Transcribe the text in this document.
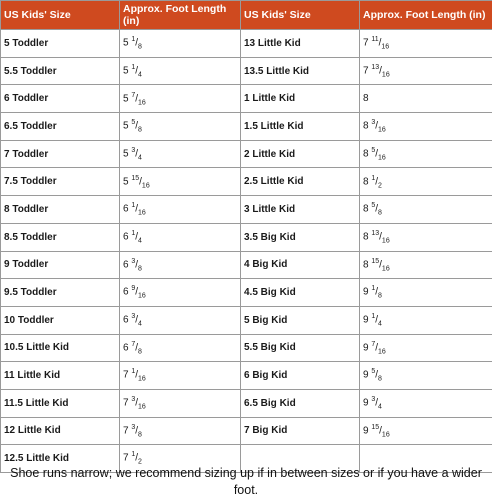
US Kids' Size	Approx. Foot Length (in)	US Kids' Size	Approx. Foot Length (in)
5 Toddler	5 $^1/_8$	13 Little Kid	7 $^{11}/_{16}$
5.5 Toddler	5 $^1/_4$	13.5 Little Kid	7 $^{13}/_{16}$
6 Toddler	5 $^7/_{16}$	1 Little Kid	8
6.5 Toddler	5 $^5/_8$	1.5 Little Kid	8 $^3/_{16}$
7 Toddler	5 $^3/_4$	2 Little Kid	8 $^5/_{16}$
7.5 Toddler	5 $^{15}/_{16}$	2.5 Little Kid	8 $^1/_2$
8 Toddler	6 $^1/_{16}$	3 Little Kid	8 $^5/_8$
8.5 Toddler	6 $^1/_4$	3.5 Big Kid	8 $^{13}/_{16}$
9 Toddler	6 $^3/_8$	4 Big Kid	8 $^{15}/_{16}$
9.5 Toddler	6 $^9/_{16}$	4.5 Big Kid	9 $^1/_8$
10 Toddler	6 $^3/_4$	5 Big Kid	9 $^1/_4$
10.5 Little Kid	6 $^7/_8$	5.5 Big Kid	9 $^7/_{16}$
11 Little Kid	7 $^1/_{16}$	6 Big Kid	9 $^5/_8$
11.5 Little Kid	7 $^3/_{16}$	6.5 Big Kid	9 $^3/_4$
12 Little Kid	7 $^3/_8$	7 Big Kid	9 $^{15}/_{16}$
12.5 Little Kid	7 $^1/_2$		
Shoe runs narrow; we recommend sizing up if in between sizes or if you have a wider foot.
